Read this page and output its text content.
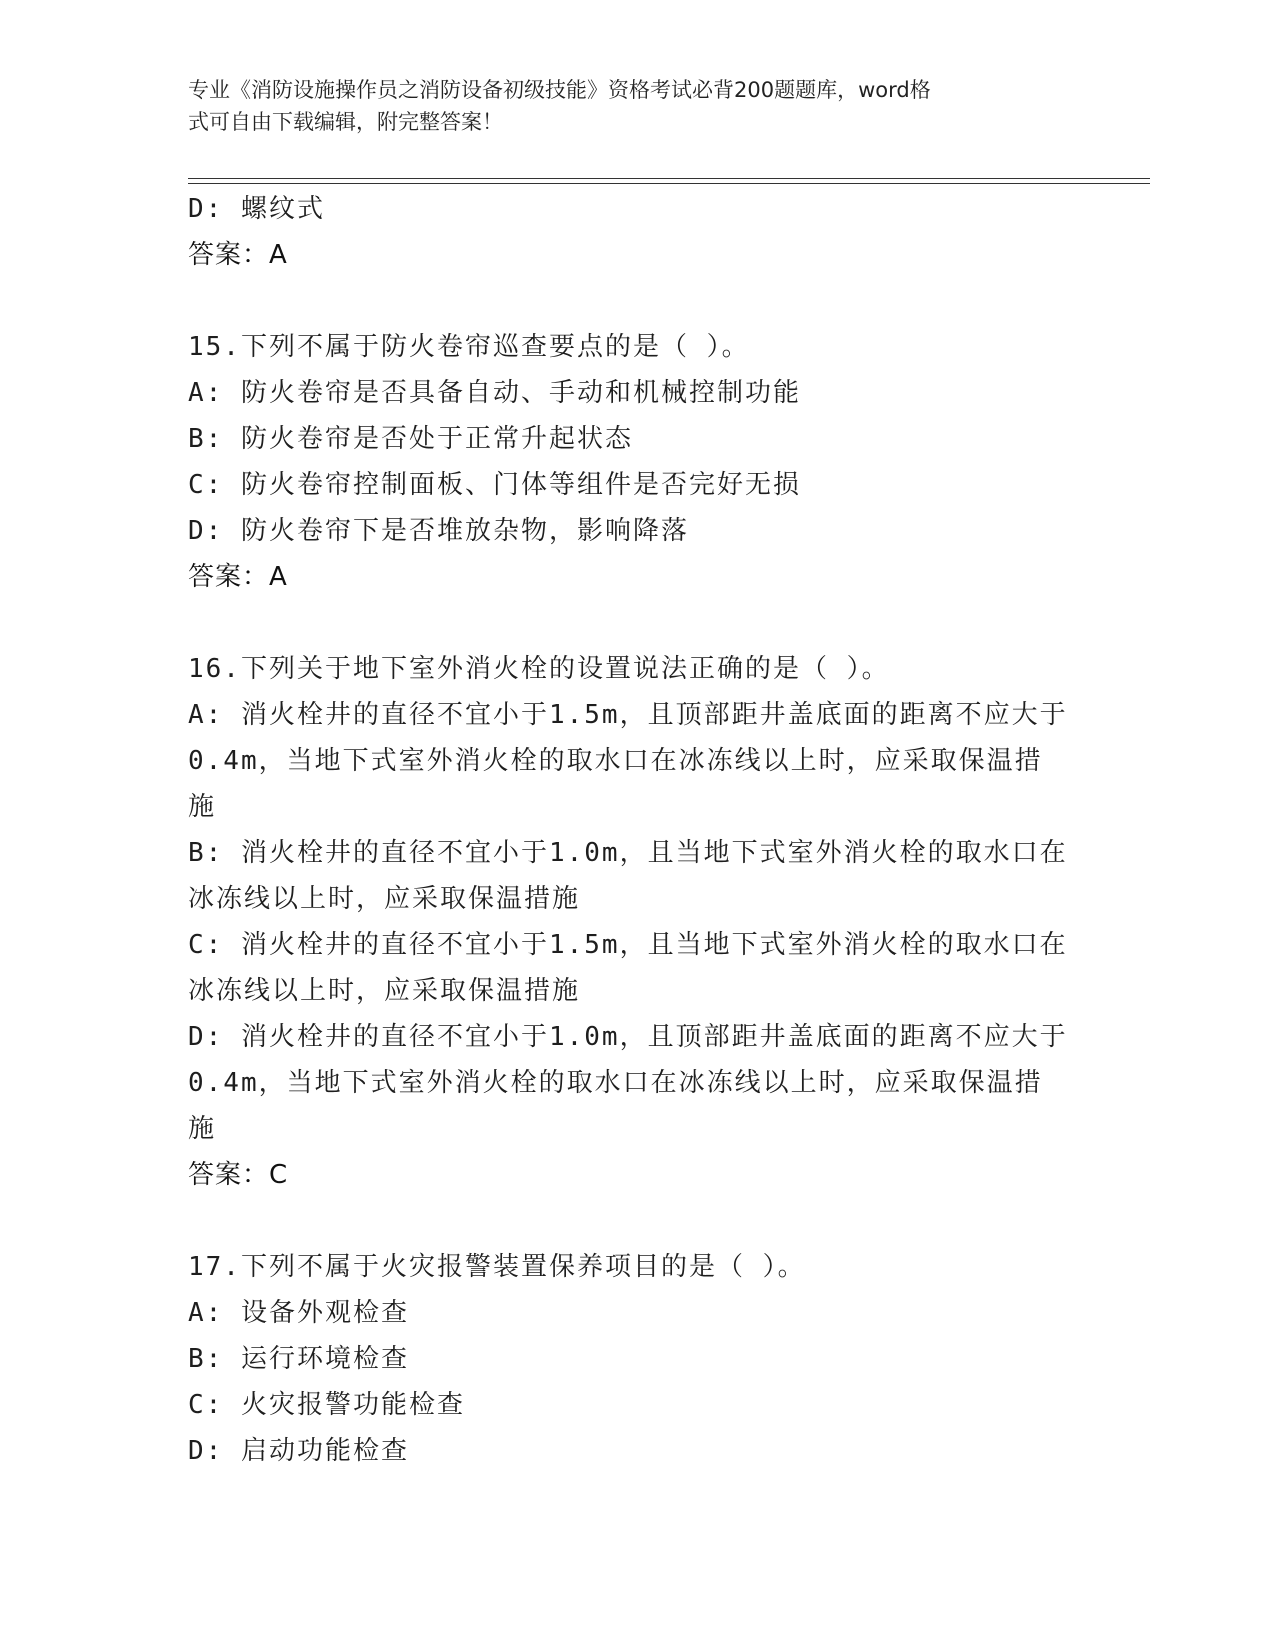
专业《消防设施操作员之消防设备初级技能》资格考试必背200题题库，word格

式可自由下载编辑，附完整答案！

D: 螺纹式
答案：A
15.下列不属于防火卷帘巡查要点的是（ ）。
A: 防火卷帘是否具备自动、手动和机械控制功能
B: 防火卷帘是否处于正常升起状态
C: 防火卷帘控制面板、门体等组件是否完好无损
D: 防火卷帘下是否堆放杂物，影响降落
答案：A
16.下列关于地下室外消火栓的设置说法正确的是（ ）。
A: 消火栓井的直径不宜小于1.5m，且顶部距井盖底面的距离不应大于
0.4m，当地下式室外消火栓的取水口在冰冻线以上时，应采取保温措
施
B: 消火栓井的直径不宜小于1.0m，且当地下式室外消火栓的取水口在
冰冻线以上时，应采取保温措施
C: 消火栓井的直径不宜小于1.5m，且当地下式室外消火栓的取水口在
冰冻线以上时，应采取保温措施
D: 消火栓井的直径不宜小于1.0m，且顶部距井盖底面的距离不应大于
0.4m，当地下式室外消火栓的取水口在冰冻线以上时，应采取保温措
施
答案：C
17.下列不属于火灾报警装置保养项目的是（ ）。
A: 设备外观检查
B: 运行环境检查
C: 火灾报警功能检查
D: 启动功能检查
